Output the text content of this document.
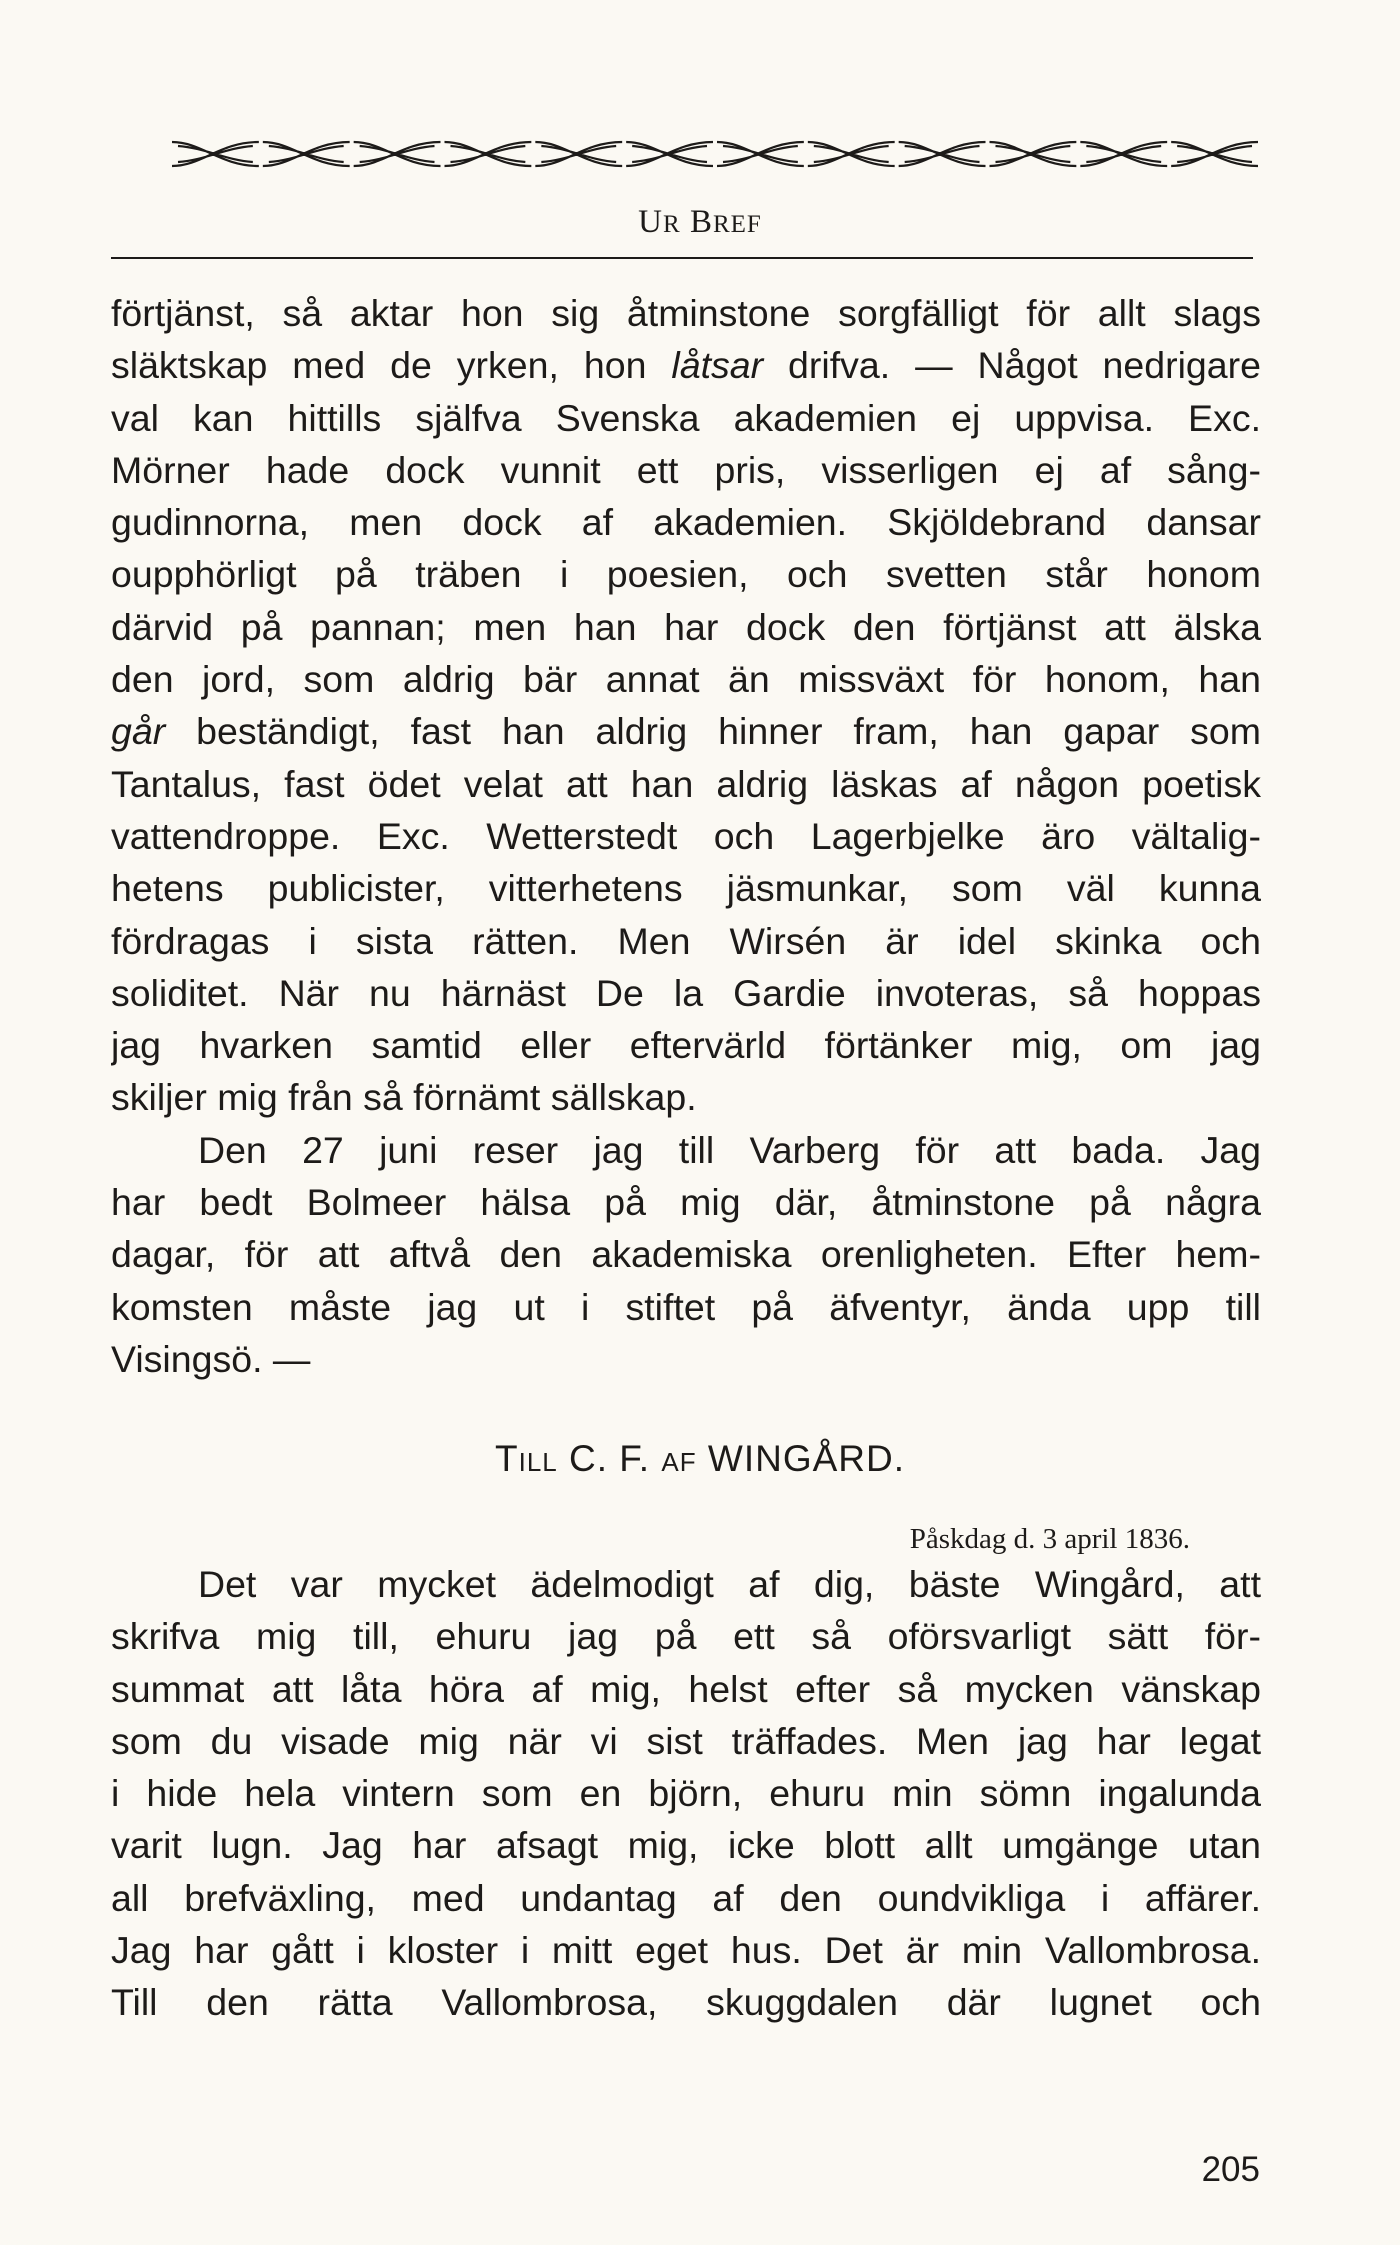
UR BREF

förtjänst, så aktar hon sig åtminstone sorgfälligt för allt slags

släktskap med de yrken, hon låtsar drifva. — Något nedrigare

val kan hittills själfva Svenska akademien ej uppvisa. Exc.

Mörner hade dock vunnit ett pris, visserligen ej af sång-

gudinnorna, men dock af akademien. Skjöldebrand dansar

oupphörligt på träben i poesien, och svetten står honom

därvid på pannan; men han har dock den förtjänst att älska

den jord, som aldrig bär annat än missväxt för honom, han

går beständigt, fast han aldrig hinner fram, han gapar som

Tantalus, fast ödet velat att han aldrig läskas af någon poetisk

vattendroppe. Exc. Wetterstedt och Lagerbjelke äro vältalig-

hetens publicister, vitterhetens jäsmunkar, som väl kunna

fördragas i sista rätten. Men Wirsén är idel skinka och

soliditet. När nu härnäst De la Gardie invoteras, så hoppas

jag hvarken samtid eller eftervärld förtänker mig, om jag

skiljer mig från så förnämt sällskap.

Den 27 juni reser jag till Varberg för att bada. Jag

har bedt Bolmeer hälsa på mig där, åtminstone på några

dagar, för att aftvå den akademiska orenligheten. Efter hem-

komsten måste jag ut i stiftet på äfventyr, ända upp till

Visingsö. —

TILL C. F. AF WINGÅRD.
Påskdag d. 3 april 1836.

Det var mycket ädelmodigt af dig, bäste Wingård, att

skrifva mig till, ehuru jag på ett så oförsvarligt sätt för-

summat att låta höra af mig, helst efter så mycken vänskap

som du visade mig när vi sist träffades. Men jag har legat

i hide hela vintern som en björn, ehuru min sömn ingalunda

varit lugn. Jag har afsagt mig, icke blott allt umgänge utan

all brefväxling, med undantag af den oundvikliga i affärer.

Jag har gått i kloster i mitt eget hus. Det är min Vallombrosa.

Till den rätta Vallombrosa, skuggdalen där lugnet och

205
